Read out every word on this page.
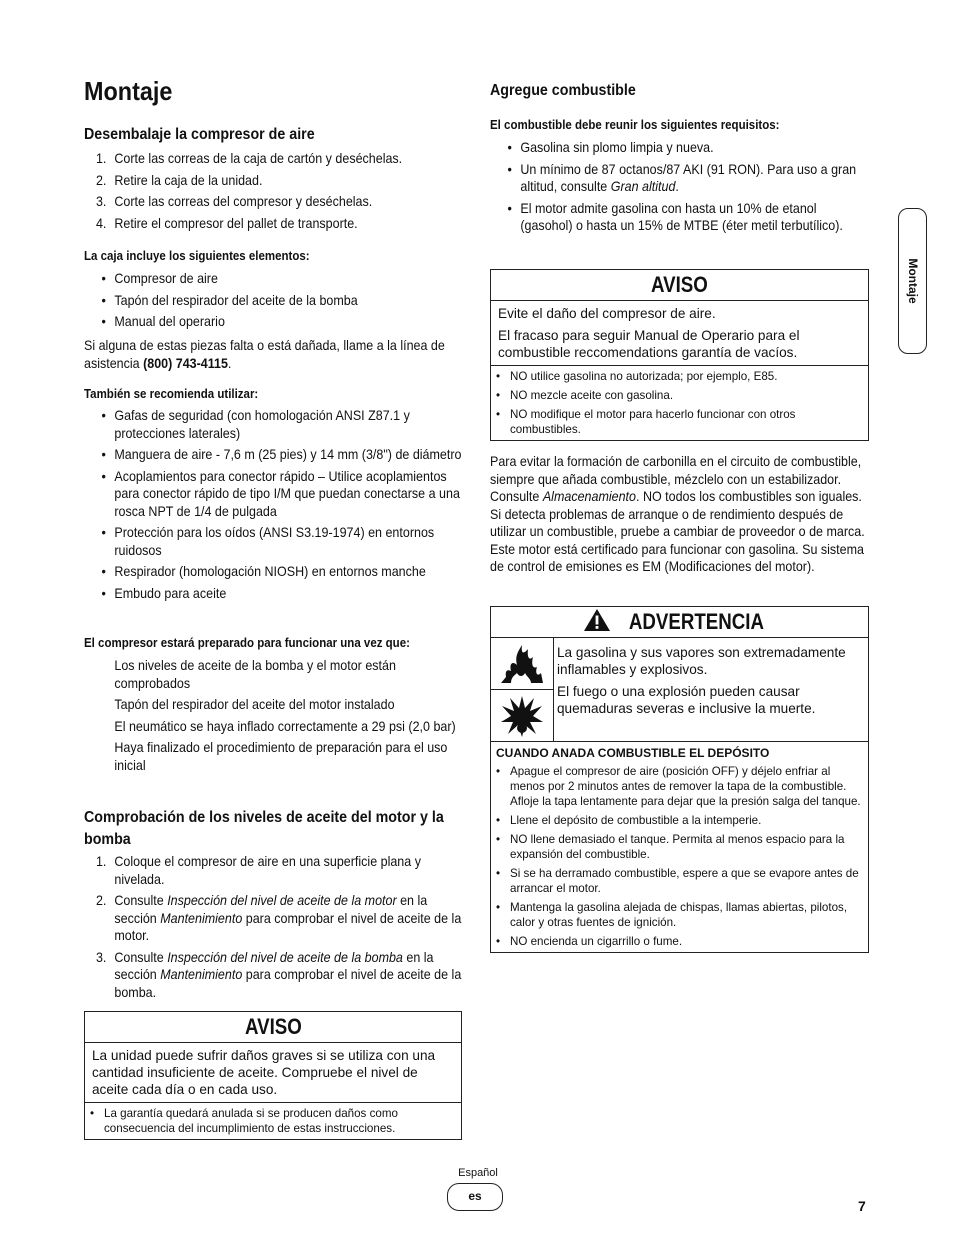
Montaje
Montaje
Desembalaje la compresor de aire
1. Corte las correas de la caja de cartón y deséchelas.
2. Retire la caja de la unidad.
3. Corte las correas del compresor y deséchelas.
4. Retire el compresor del pallet de transporte.
La caja incluye los siguientes elementos:
• Compresor de aire
• Tapón del respirador del aceite de la bomba
• Manual del operario

Si alguna de estas piezas falta o está dañada, llame a la línea de asistencia (800) 743-4115.

También se recomienda utilizar:
• Gafas de seguridad (con homologación ANSI Z87.1 y protecciones laterales)
• Manguera de aire - 7,6 m (25 pies) y 14 mm (3/8") de diámetro
• Acoplamientos para conector rápido – Utilice acoplamientos para conector rápido de tipo I/M que puedan conectarse a una rosca NPT de 1/4 de pulgada
• Protección para los oídos (ANSI S3.19-1974) en entornos ruidosos
• Respirador (homologación NIOSH) en entornos manche
• Embudo para aceite
El compresor estará preparado para funcionar una vez que:
Los niveles de aceite de la bomba y el motor están comprobados
Tapón del respirador del aceite del motor instalado
El neumático se haya inflado correctamente a 29 psi (2,0 bar)
Haya finalizado el procedimiento de preparación para el uso inicial
Comprobación de los niveles de aceite del motor y la bomba
1. Coloque el compresor de aire en una superficie plana y nivelada.
2. Consulte Inspección del nivel de aceite de la motor en la sección Mantenimiento para comprobar el nivel de aceite de la motor.
3. Consulte Inspección del nivel de aceite de la bomba en la sección Mantenimiento para comprobar el nivel de aceite de la bomba.
AVISO
La unidad puede sufrir daños graves si se utiliza con una cantidad insuficiente de aceite. Compruebe el nivel de aceite cada día o en cada uso.
• La garantía quedará anulada si se producen daños como consecuencia del incumplimiento de estas instrucciones.
Agregue combustible
El combustible debe reunir los siguientes requisitos:
• Gasolina sin plomo limpia y nueva.
• Un mínimo de 87 octanos/87 AKI (91 RON). Para uso a gran altitud, consulte Gran altitud.
• El motor admite gasolina con hasta un 10% de etanol (gasohol) o hasta un 15% de MTBE (éter metil terbutílico).
AVISO

Evite el daño del compresor de aire.

El fracaso para seguir Manual de Operario para el combustible reccomendations garantía de vacíos.

• NO utilice gasolina no autorizada; por ejemplo, E85.
• NO mezcle aceite con gasolina.
• NO modifique el motor para hacerlo funcionar con otros combustibles.

Para evitar la formación de carbonilla en el circuito de combustible, siempre que añada combustible, mézclelo con un estabilizador. Consulte Almacenamiento. NO todos los combustibles son iguales. Si detecta problemas de arranque o de rendimiento después de utilizar un combustible, pruebe a cambiar de proveedor o de marca. Este motor está certificado para funcionar con gasolina. Su sistema de control de emisiones es EM (Modificaciones del motor).

ADVERTENCIA

La gasolina y sus vapores son extremadamente inflamables y explosivos.

El fuego o una explosión pueden causar quemaduras severas e inclusive la muerte.

CUANDO ANADA COMBUSTIBLE EL DEPÓSITO
• Apague el compresor de aire (posición OFF) y déjelo enfriar al menos por 2 minutos antes de remover la tapa de la combustible. Afloje la tapa lentamente para dejar que la presión salga del tanque.
• Llene el depósito de combustible a la intemperie.
• NO llene demasiado el tanque. Permita al menos espacio para la expansión del combustible.
• Si se ha derramado combustible, espere a que se evapore antes de arrancar el motor.
• Mantenga la gasolina alejada de chispas, llamas abiertas, pilotos, calor y otras fuentes de ignición.
• NO encienda un cigarrillo o fume.
Español
es
7
